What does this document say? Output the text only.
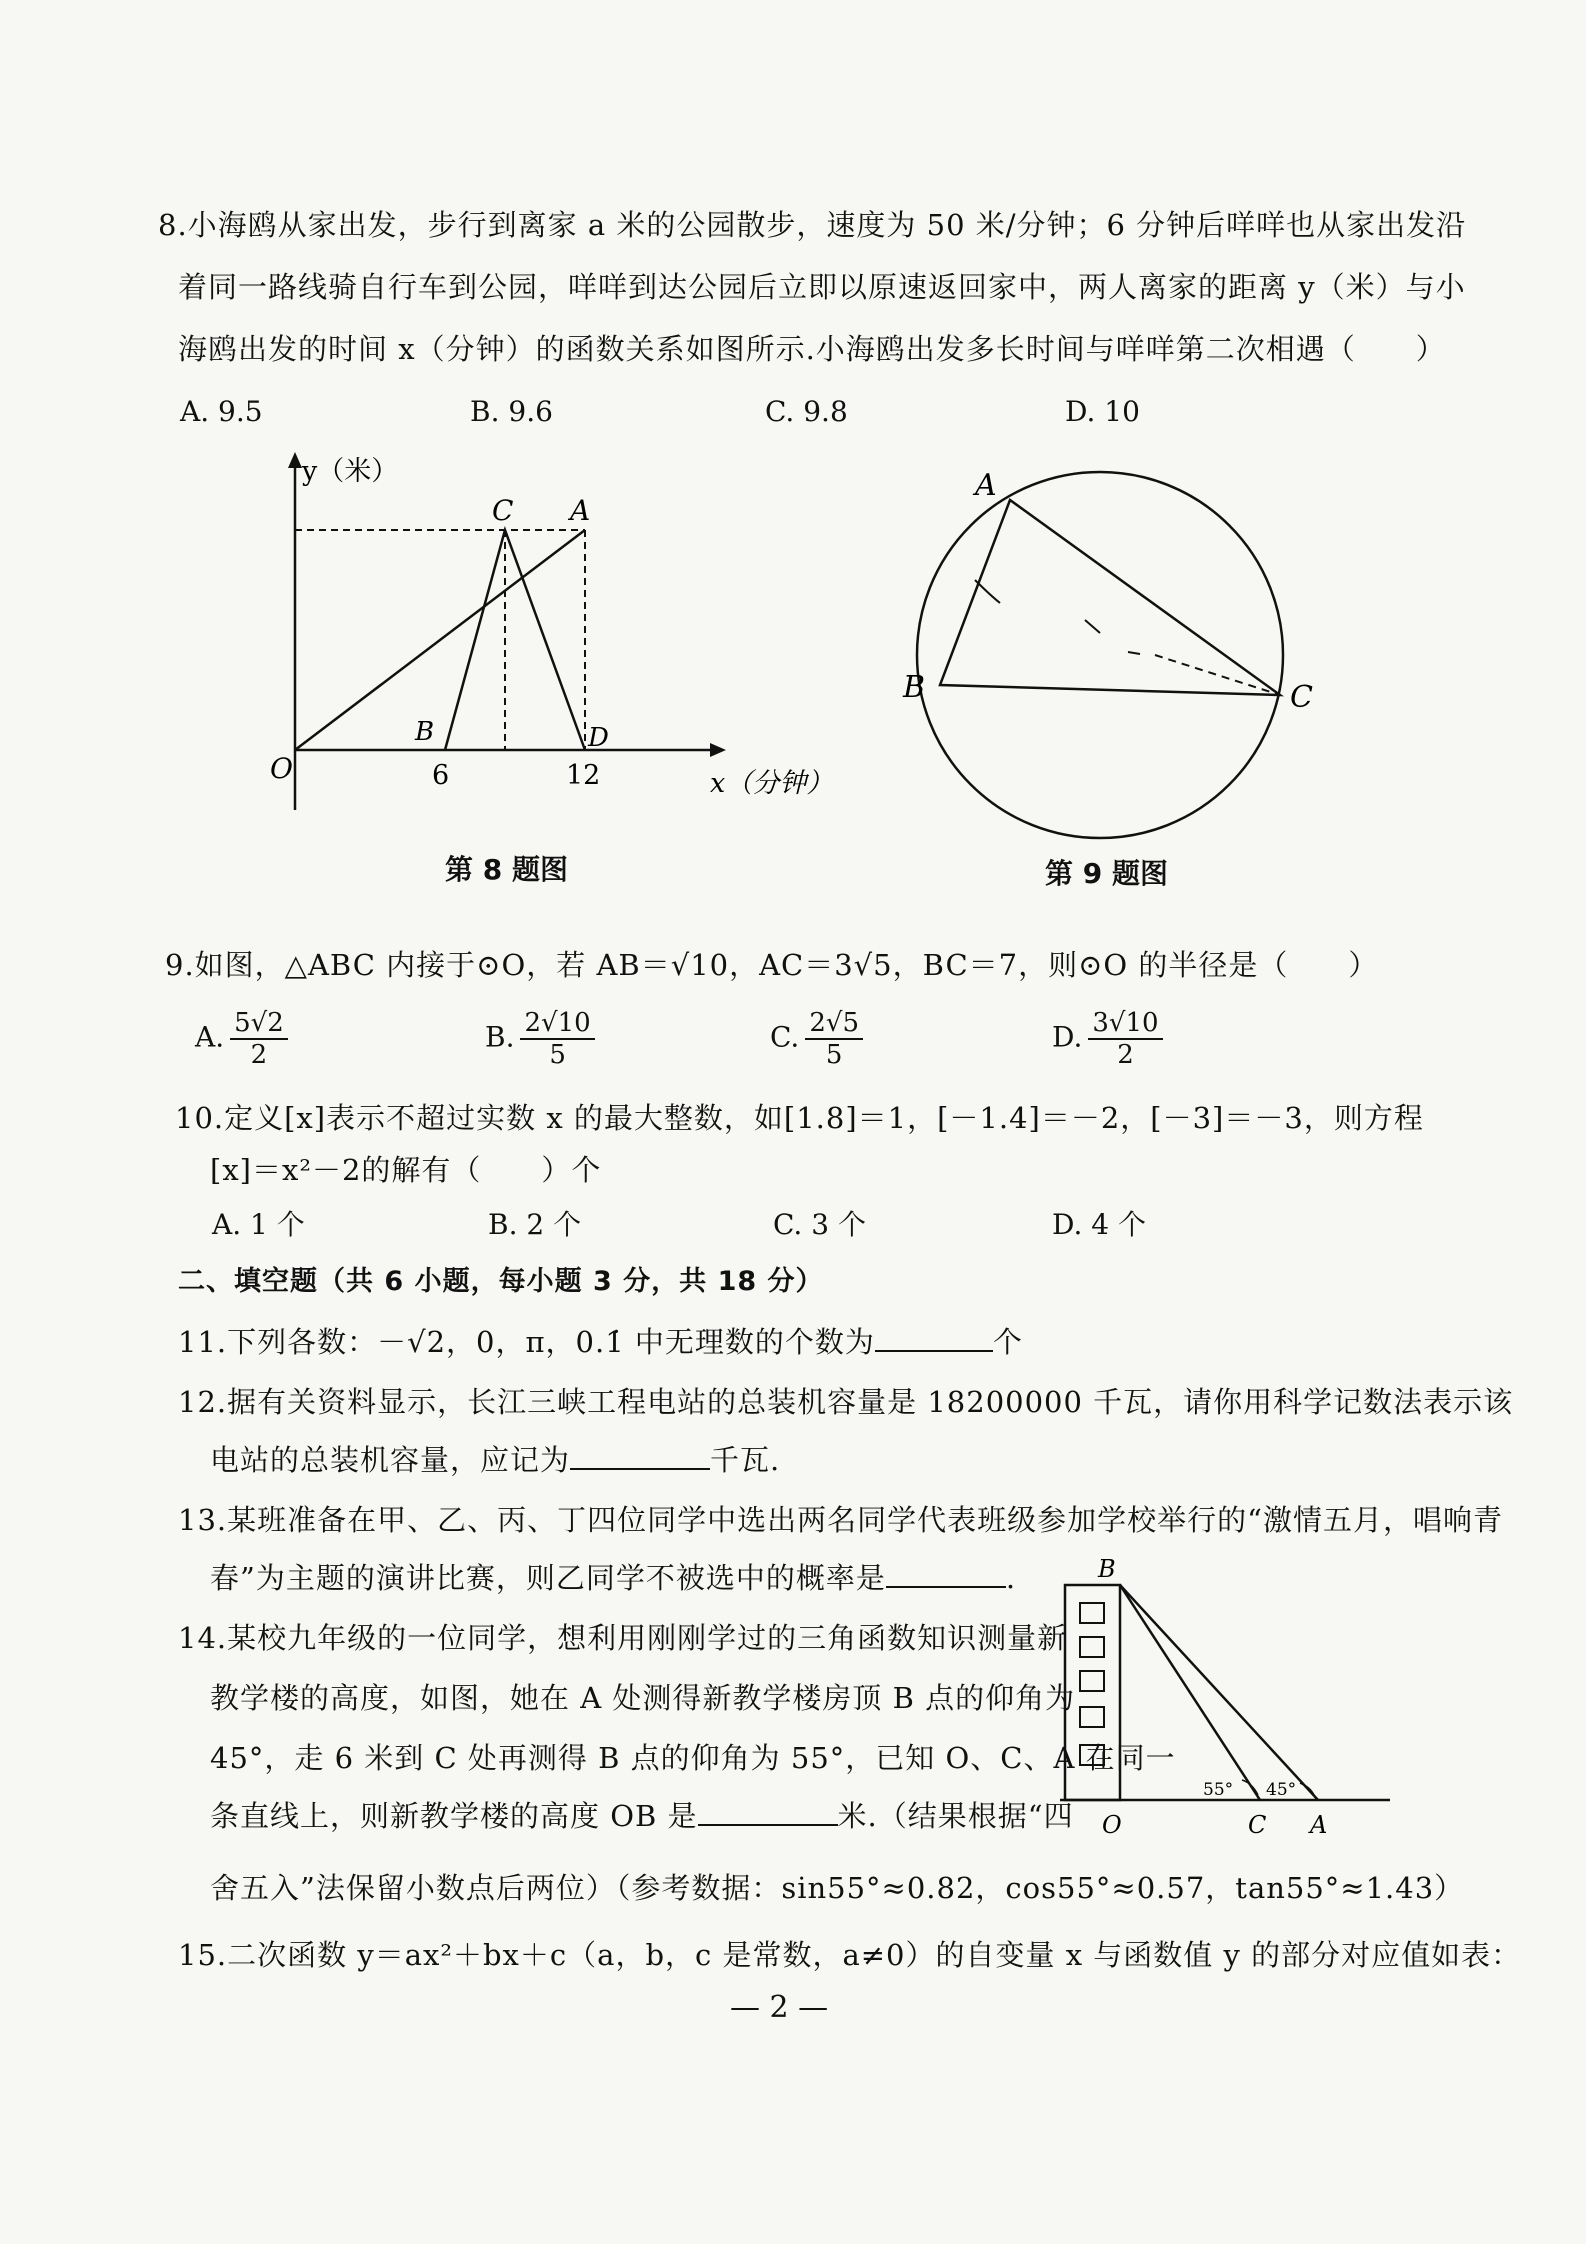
8.小海鸥从家出发，步行到离家 a 米的公园散步，速度为 50 米/分钟；6 分钟后咩咩也从家出发沿
着同一路线骑自行车到公园，咩咩到达公园后立即以原速返回家中，两人离家的距离 y（米）与小
海鸥出发的时间 x（分钟）的函数关系如图所示.小海鸥出发多长时间与咩咩第二次相遇（　　）
A. 9.5	B. 9.6	C. 9.8	D. 10
y（米）
x（分钟）
O	6	12
C A
B	D
第 8 题图
A
B	C
第 9 题图
9.如图，△ABC 内接于⊙O，若 AB＝√10，AC＝3√5，BC＝7，则⊙O 的半径是（　　）
A. $\frac{5√2}{2}$	B. $\frac{2√10}{5}$	C. $\frac{2√5}{5}$	D. $\frac{3√10}{2}$
10.定义[x]表示不超过实数 x 的最大整数，如[1.8]＝1，[－1.4]＝－2，[－3]＝－3，则方程
[x]＝x²－2的解有（　　）个
A. 1 个	B. 2 个	C. 3 个	D. 4 个
二、填空题（共 6 小题，每小题 3 分，共 18 分）
11.下列各数：－√2，0，π，0.1̇ 中无理数的个数为	个
12.据有关资料显示，长江三峡工程电站的总装机容量是 18200000 千瓦，请你用科学记数法表示该
电站的总装机容量，应记为	千瓦.
13.某班准备在甲、乙、丙、丁四位同学中选出两名同学代表班级参加学校举行的“激情五月，唱响青
春”为主题的演讲比赛，则乙同学不被选中的概率是	.
14.某校九年级的一位同学，想利用刚刚学过的三角函数知识测量新
教学楼的高度，如图，她在 A 处测得新教学楼房顶 B 点的仰角为
45°，走 6 米到 C 处再测得 B 点的仰角为 55°，已知 O、C、A 在同一
条直线上，则新教学楼的高度 OB 是	米.（结果根据“四
舍五入”法保留小数点后两位）（参考数据：sin55°≈0.82，cos55°≈0.57，tan55°≈1.43）
55° 45°
B
O	C A
15.二次函数 y＝ax²＋bx＋c（a，b，c 是常数，a≠0）的自变量 x 与函数值 y 的部分对应值如表：
— 2 —
